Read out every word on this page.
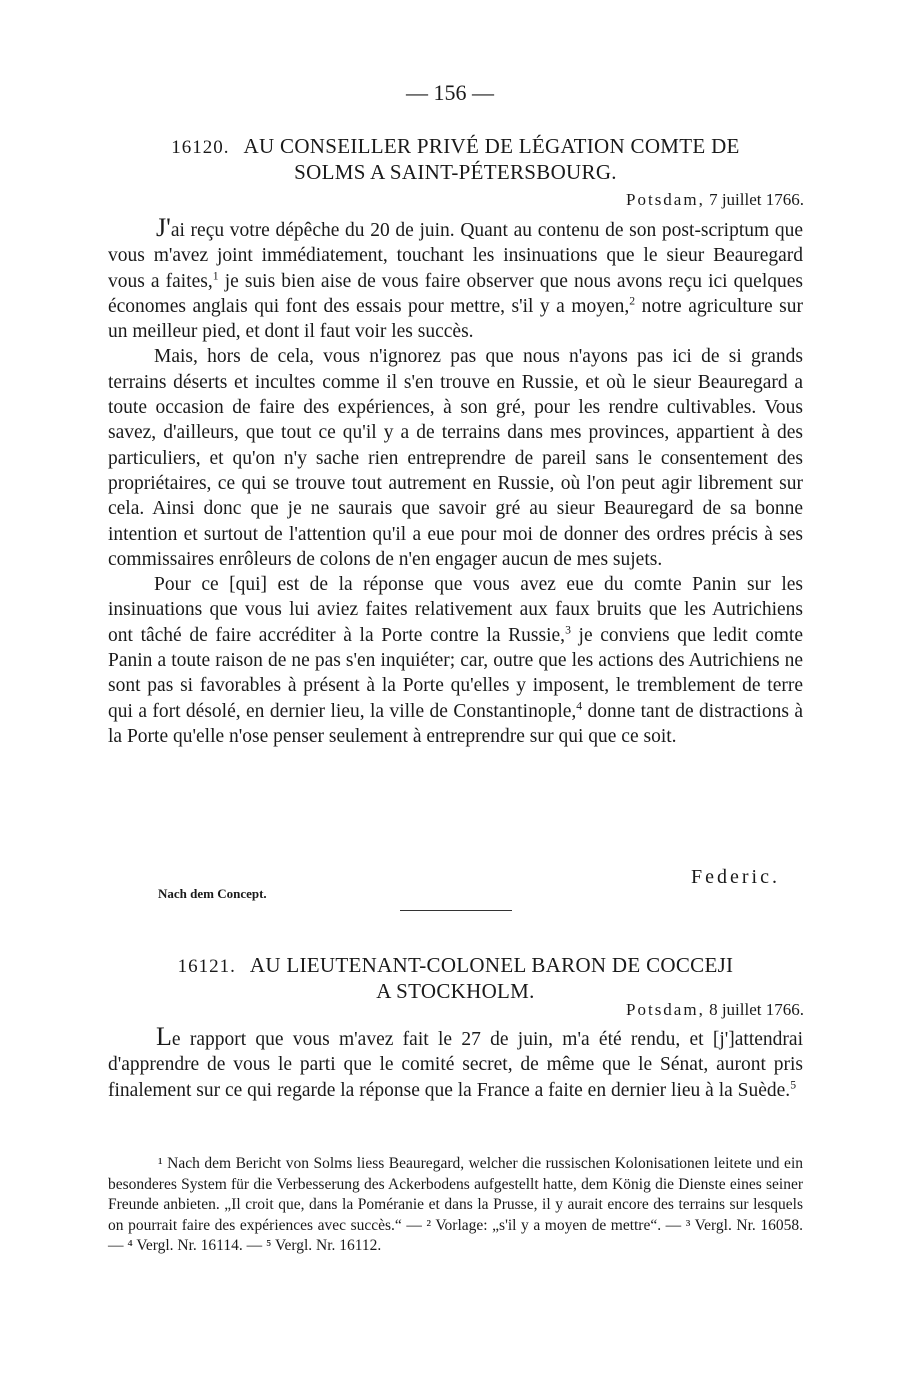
— 156 —
16120. AU CONSEILLER PRIVÉ DE LÉGATION COMTE DE
SOLMS A SAINT-PÉTERSBOURG.
Potsdam, 7 juillet 1766.

J'ai reçu votre dépêche du 20 de juin. Quant au contenu de son post-scriptum que vous m'avez joint immédiatement, touchant les insinuations que le sieur Beauregard vous a faites,$^1$ je suis bien aise de vous faire observer que nous avons reçu ici quelques économes anglais qui font des essais pour mettre, s'il y a moyen,$^2$ notre agriculture sur un meilleur pied, et dont il faut voir les succès.

Mais, hors de cela, vous n'ignorez pas que nous n'ayons pas ici de si grands terrains déserts et incultes comme il s'en trouve en Russie, et où le sieur Beauregard a toute occasion de faire des expériences, à son gré, pour les rendre cultivables. Vous savez, d'ailleurs, que tout ce qu'il y a de terrains dans mes provinces, appartient à des particuliers, et qu'on n'y sache rien entreprendre de pareil sans le consentement des propriétaires, ce qui se trouve tout autrement en Russie, où l'on peut agir librement sur cela. Ainsi donc que je ne saurais que savoir gré au sieur Beauregard de sa bonne intention et surtout de l'attention qu'il a eue pour moi de donner des ordres précis à ses commissaires enrôleurs de colons de n'en engager aucun de mes sujets.

Pour ce [qui] est de la réponse que vous avez eue du comte Panin sur les insinuations que vous lui aviez faites relativement aux faux bruits que les Autrichiens ont tâché de faire accréditer à la Porte contre la Russie,$^3$ je conviens que ledit comte Panin a toute raison de ne pas s'en inquiéter; car, outre que les actions des Autrichiens ne sont pas si favorables à présent à la Porte qu'elles y imposent, le tremblement de terre qui a fort désolé, en dernier lieu, la ville de Constantinople,$^4$ donne tant de distractions à la Porte qu'elle n'ose penser seulement à entreprendre sur qui que ce soit.

Federic.
Nach dem Concept.
16121. AU LIEUTENANT-COLONEL BARON DE COCCEJI
A STOCKHOLM.
Potsdam, 8 juillet 1766.

Le rapport que vous m'avez fait le 27 de juin, m'a été rendu, et [j']attendrai d'apprendre de vous le parti que le comité secret, de même que le Sénat, auront pris finalement sur ce qui regarde la réponse que la France a faite en dernier lieu à la Suède.$^5$

¹ Nach dem Bericht von Solms liess Beauregard, welcher die russischen Kolonisationen leitete und ein besonderes System für die Verbesserung des Ackerbodens aufgestellt hatte, dem König die Dienste eines seiner Freunde anbieten. „Il croit que, dans la Poméranie et dans la Prusse, il y aurait encore des terrains sur lesquels on pourrait faire des expériences avec succès.“ — ² Vorlage: „s'il y a moyen de mettre“. — ³ Vergl. Nr. 16058. — ⁴ Vergl. Nr. 16114. — ⁵ Vergl. Nr. 16112.
